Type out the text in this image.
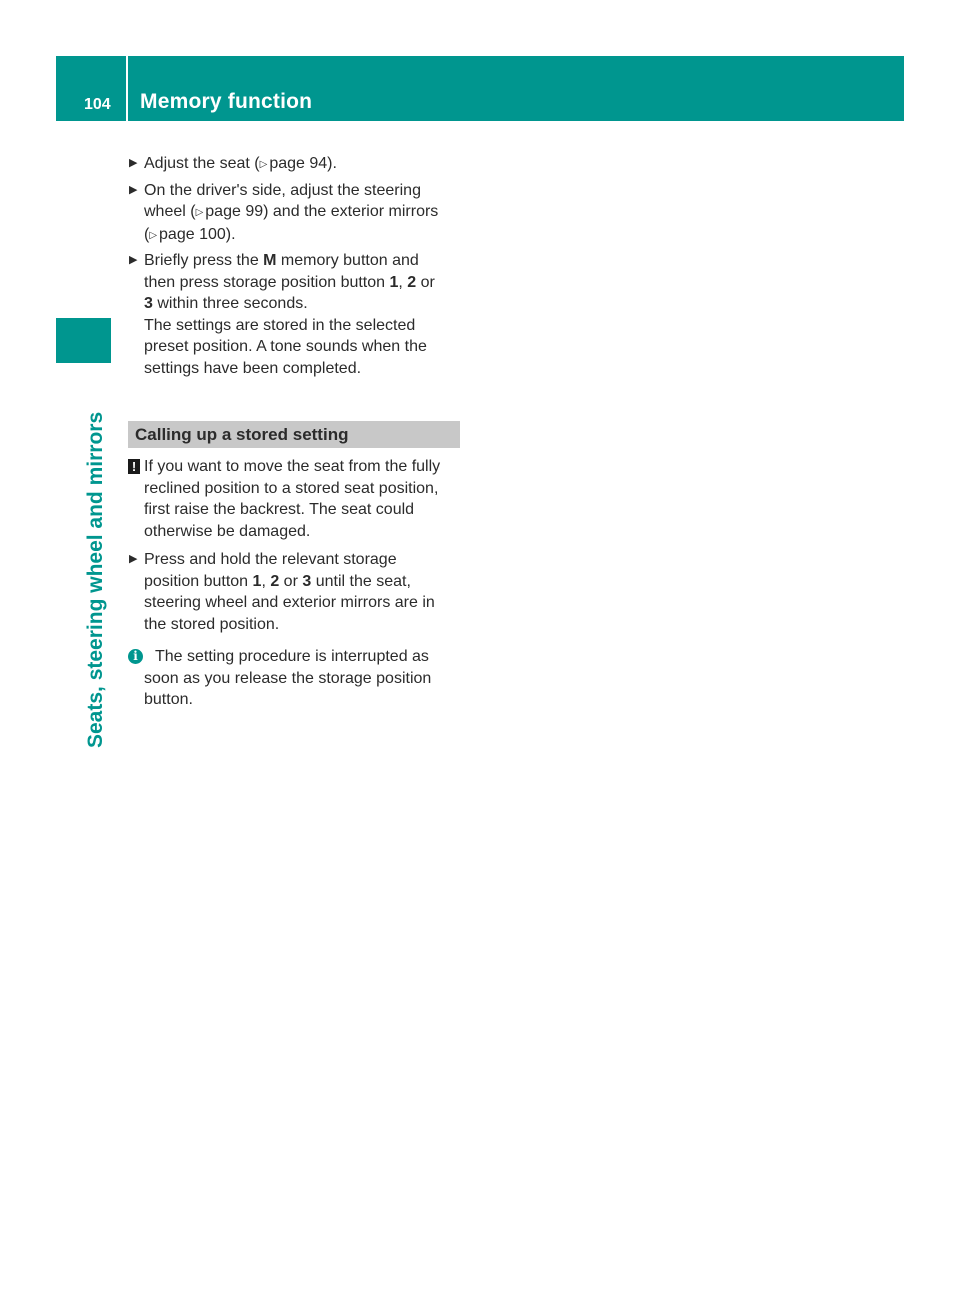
104 Memory function
Seats, steering wheel and mirrors
▶ Adjust the seat (▷ page 94).
▶ On the driver's side, adjust the steering
wheel (▷ page 99) and the exterior mirrors
(▷ page 100).
▶ Briefly press the M memory button and
then press storage position button 1, 2 or
3 within three seconds.
The settings are stored in the selected
preset position. A tone sounds when the
settings have been completed.
Calling up a stored setting
! If you want to move the seat from the fully
reclined position to a stored seat position,
first raise the backrest. The seat could
otherwise be damaged.
▶ Press and hold the relevant storage
position button 1, 2 or 3 until the seat,
steering wheel and exterior mirrors are in
the stored position.
i	The setting procedure is interrupted as
soon as you release the storage position
button.
